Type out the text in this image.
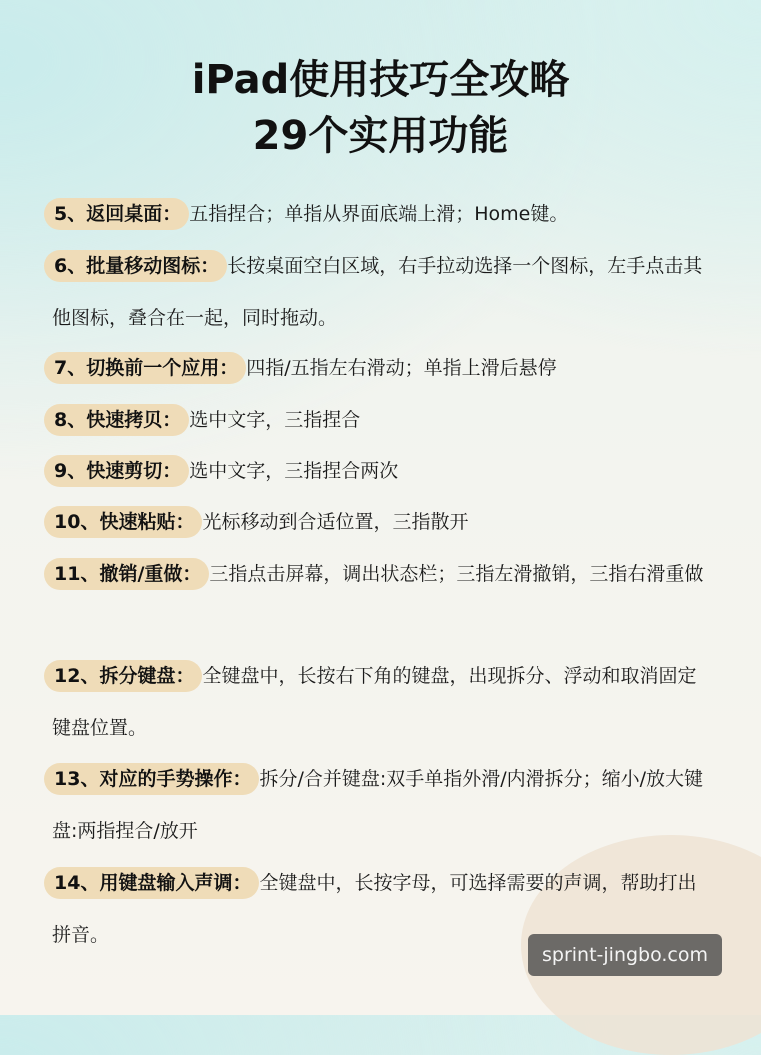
iPad使用技巧全攻略
29个实用功能
5、返回桌面： 五指捏合；单指从界面底端上滑；Home键。
6、批量移动图标： 长按桌面空白区域，右手拉动选择一个图标，左手点击其他图标，叠合在一起，同时拖动。
7、切换前一个应用： 四指/五指左右滑动；单指上滑后悬停
8、快速拷贝： 选中文字，三指捏合
9、快速剪切： 选中文字，三指捏合两次
10、快速粘贴： 光标移动到合适位置，三指散开
11、撤销/重做： 三指点击屏幕，调出状态栏；三指左滑撤销，三指右滑重做
12、拆分键盘： 全键盘中，长按右下角的键盘，出现拆分、浮动和取消固定键盘位置。
13、对应的手势操作： 拆分/合并键盘:双手单指外滑/内滑拆分；缩小/放大键盘:两指捏合/放开
14、用键盘输入声调： 全键盘中，长按字母，可选择需要的声调，帮助打出拼音。
sprint-jingbo.com
